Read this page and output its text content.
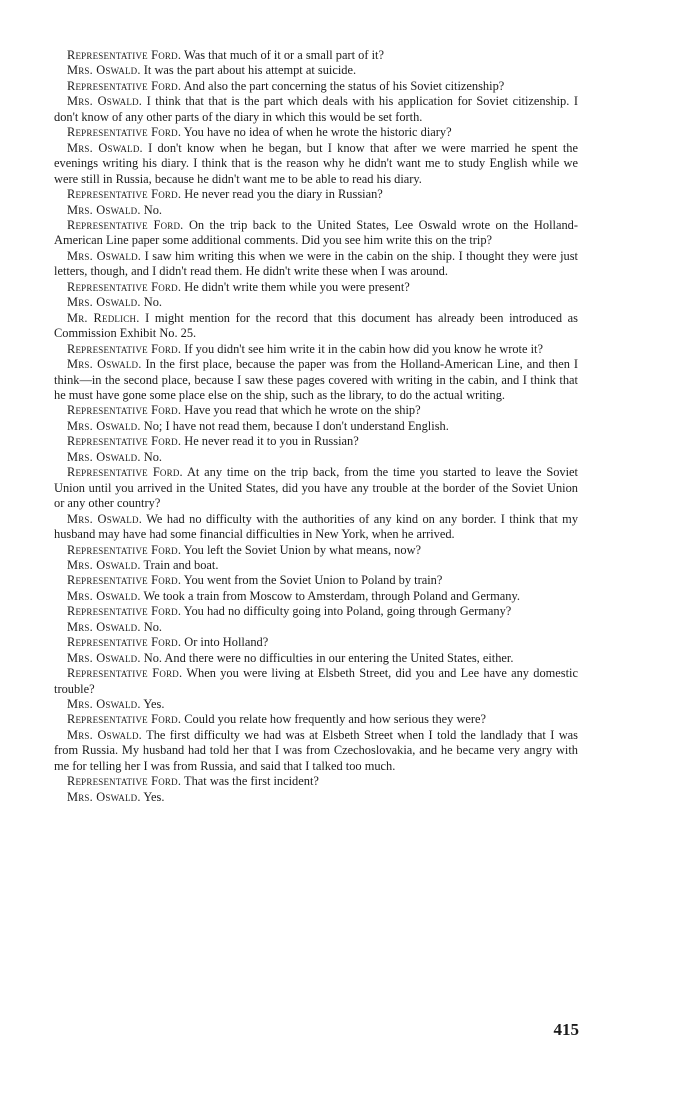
Representative Ford. Was that much of it or a small part of it?

Mrs. Oswald. It was the part about his attempt at suicide.

Representative Ford. And also the part concerning the status of his Soviet citizenship?

Mrs. Oswald. I think that that is the part which deals with his application for Soviet citizenship. I don't know of any other parts of the diary in which this would be set forth.

Representative Ford. You have no idea of when he wrote the historic diary?

Mrs. Oswald. I don't know when he began, but I know that after we were married he spent the evenings writing his diary. I think that is the reason why he didn't want me to study English while we were still in Russia, because he didn't want me to be able to read his diary.

Representative Ford. He never read you the diary in Russian?

Mrs. Oswald. No.

Representative Ford. On the trip back to the United States, Lee Oswald wrote on the Holland-American Line paper some additional comments. Did you see him write this on the trip?

Mrs. Oswald. I saw him writing this when we were in the cabin on the ship. I thought they were just letters, though, and I didn't read them. He didn't write these when I was around.

Representative Ford. He didn't write them while you were present?

Mrs. Oswald. No.

Mr. Redlich. I might mention for the record that this document has already been introduced as Commission Exhibit No. 25.

Representative Ford. If you didn't see him write it in the cabin how did you know he wrote it?

Mrs. Oswald. In the first place, because the paper was from the Holland-American Line, and then I think—in the second place, because I saw these pages covered with writing in the cabin, and I think that he must have gone some place else on the ship, such as the library, to do the actual writing.

Representative Ford. Have you read that which he wrote on the ship?

Mrs. Oswald. No; I have not read them, because I don't understand English.

Representative Ford. He never read it to you in Russian?

Mrs. Oswald. No.

Representative Ford. At any time on the trip back, from the time you started to leave the Soviet Union until you arrived in the United States, did you have any trouble at the border of the Soviet Union or any other country?

Mrs. Oswald. We had no difficulty with the authorities of any kind on any border. I think that my husband may have had some financial difficulties in New York, when he arrived.

Representative Ford. You left the Soviet Union by what means, now?

Mrs. Oswald. Train and boat.

Representative Ford. You went from the Soviet Union to Poland by train?

Mrs. Oswald. We took a train from Moscow to Amsterdam, through Poland and Germany.

Representative Ford. You had no difficulty going into Poland, going through Germany?

Mrs. Oswald. No.

Representative Ford. Or into Holland?

Mrs. Oswald. No. And there were no difficulties in our entering the United States, either.

Representative Ford. When you were living at Elsbeth Street, did you and Lee have any domestic trouble?

Mrs. Oswald. Yes.

Representative Ford. Could you relate how frequently and how serious they were?

Mrs. Oswald. The first difficulty we had was at Elsbeth Street when I told the landlady that I was from Russia. My husband had told her that I was from Czechoslovakia, and he became very angry with me for telling her I was from Russia, and said that I talked too much.

Representative Ford. That was the first incident?

Mrs. Oswald. Yes.

415
